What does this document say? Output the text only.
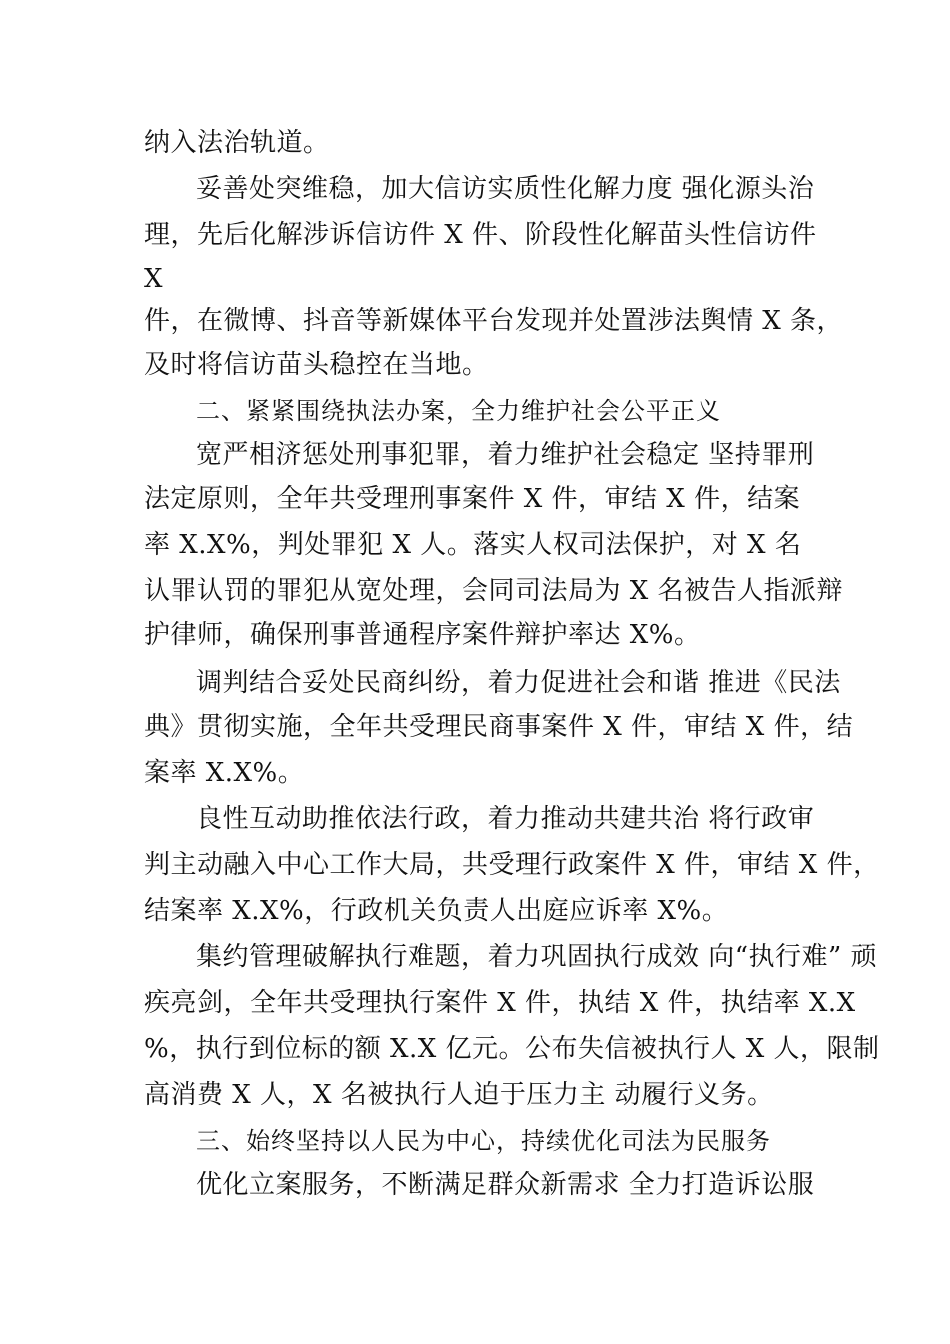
纳入法治轨道。
妥善处突维稳，加大信访实质性化解力度 强化源头治
理，先后化解涉诉信访件 X 件、阶段性化解苗头性信访件
X
件，在微博、抖音等新媒体平台发现并处置涉法舆情 X 条，
及时将信访苗头稳控在当地。
二、紧紧围绕执法办案，全力维护社会公平正义
宽严相济惩处刑事犯罪，着力维护社会稳定 坚持罪刑
法定原则，全年共受理刑事案件 X 件，审结 X 件，结案
率 X.X%，判处罪犯 X 人。落实人权司法保护，对 X 名
认罪认罚的罪犯从宽处理，会同司法局为 X 名被告人指派辩
护律师，确保刑事普通程序案件辩护率达 X%。
调判结合妥处民商纠纷，着力促进社会和谐 推进《民法
典》贯彻实施，全年共受理民商事案件 X 件，审结 X 件，结
案率 X.X%。
良性互动助推依法行政，着力推动共建共治 将行政审
判主动融入中心工作大局，共受理行政案件 X 件，审结 X 件，
结案率 X.X%，行政机关负责人出庭应诉率 X%。
集约管理破解执行难题，着力巩固执行成效 向“执行难” 顽
疾亮剑，全年共受理执行案件 X 件，执结 X 件，执结率 X.X
%，执行到位标的额 X.X 亿元。公布失信被执行人 X 人，限制
高消费 X 人，X 名被执行人迫于压力主 动履行义务。
三、始终坚持以人民为中心，持续优化司法为民服务
优化立案服务，不断满足群众新需求 全力打造诉讼服
